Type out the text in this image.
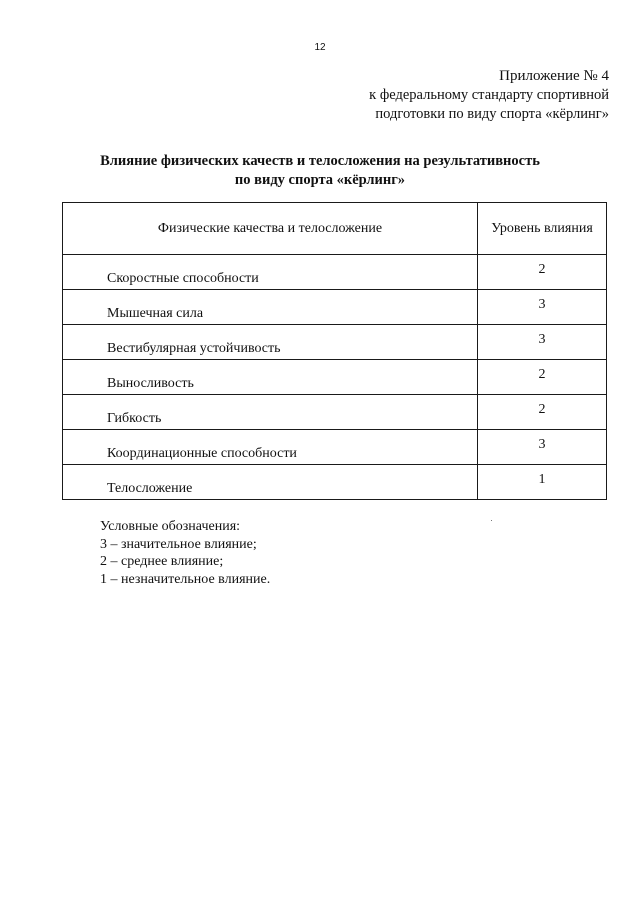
12
Приложение № 4
к федеральному стандарту спортивной
подготовки по виду спорта «кёрлинг»
Влияние физических качеств и телосложения на результативность
по виду спорта «кёрлинг»
Физические качества и телосложение	Уровень влияния

Скоростные способности	2

Мышечная сила	3

Вестибулярная устойчивость	3

Выносливость	2

Гибкость	2

Координационные способности	3

Телосложение	1
Условные обозначения:
3 – значительное влияние;
2 – среднее влияние;
1 – незначительное влияние.
